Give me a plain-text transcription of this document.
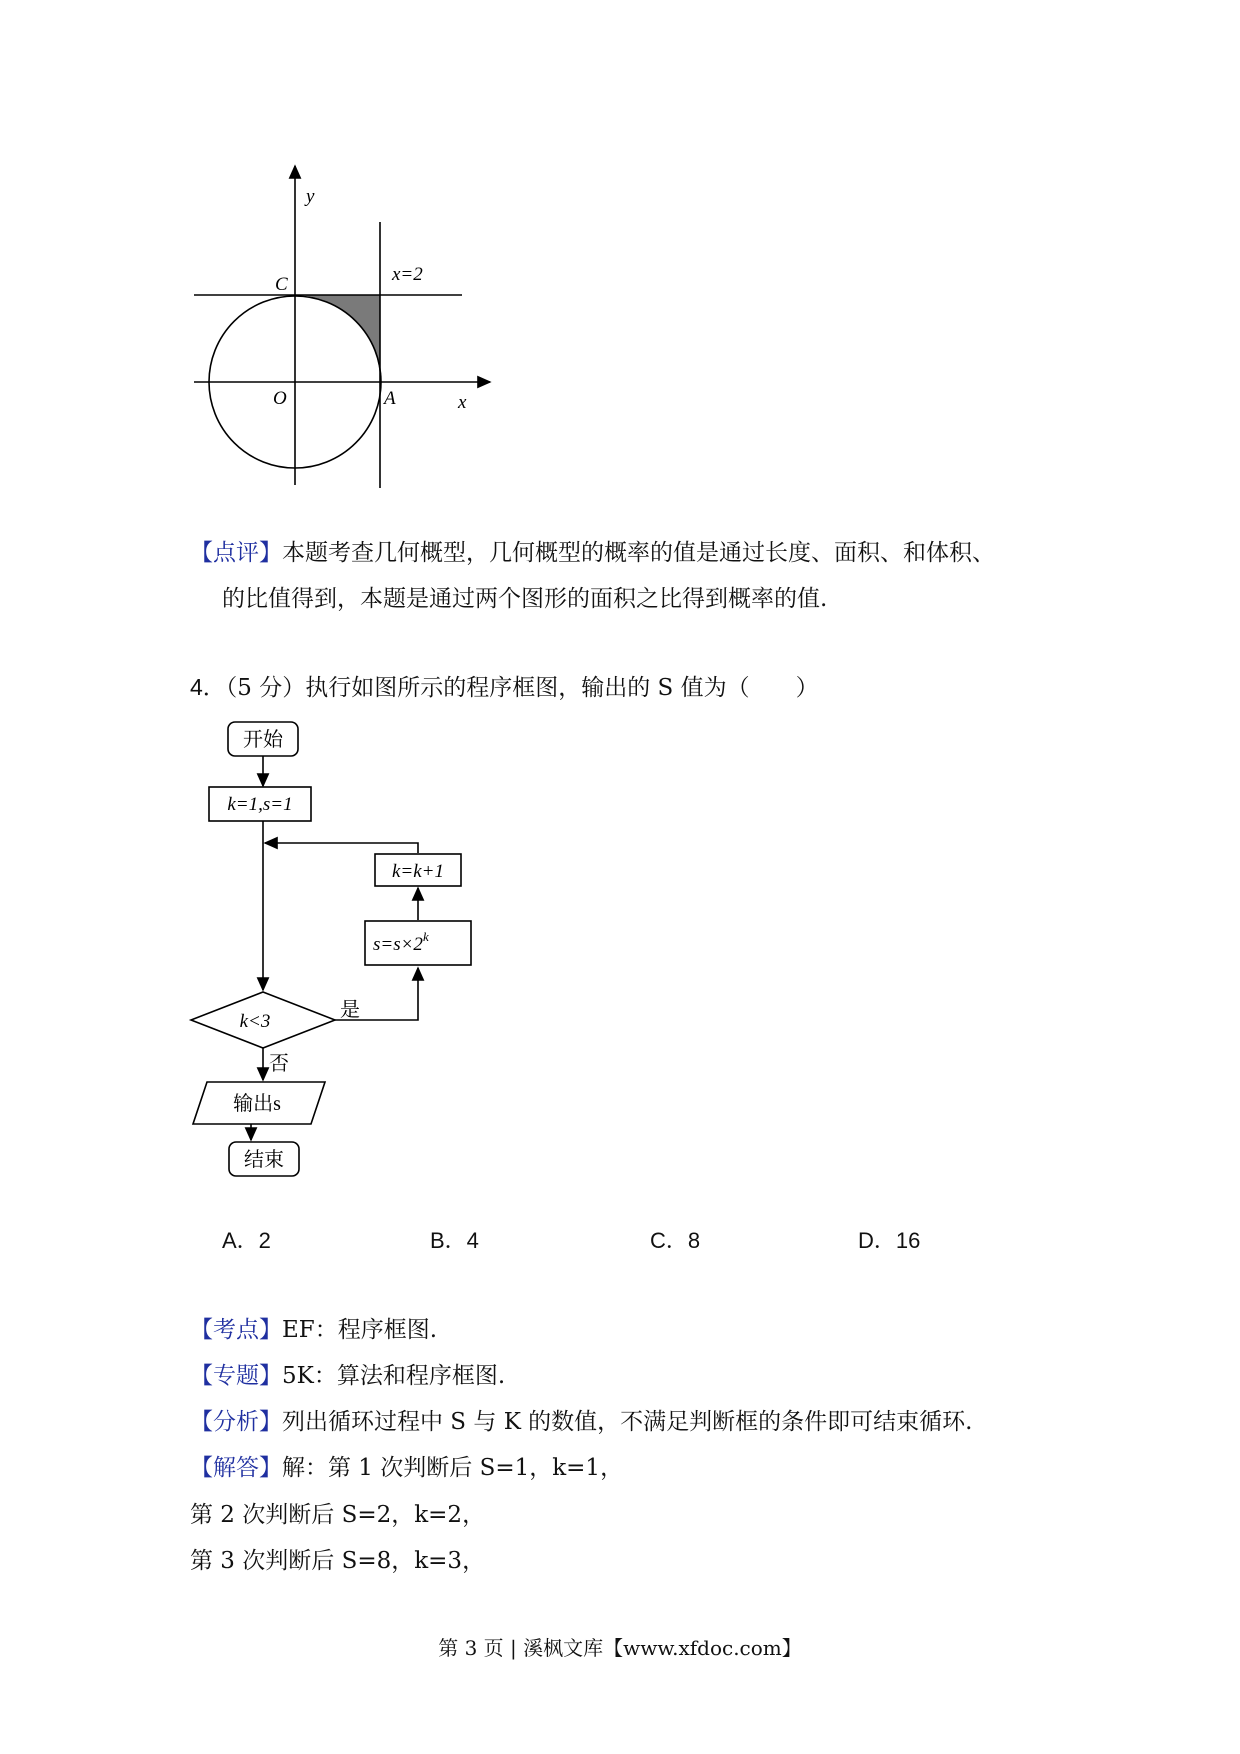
y
x=2
C
O	A	x
【点评】本题考查几何概型，几何概型的概率的值是通过长度、面积、和体积、
的比值得到，本题是通过两个图形的面积之比得到概率的值.
4．（5 分）执行如图所示的程序框图，输出的 S 值为（　　）
开始
k=1,s=1
k=k+1
$s=s\times 2^k$
k<3
是
否
输出s
结束
A．2	B．4	C．8	D．16
【考点】EF：程序框图.
【专题】5K：算法和程序框图.
【分析】列出循环过程中 S 与 K 的数值，不满足判断框的条件即可结束循环.
【解答】解：第 1 次判断后 S=1，k=1，
第 2 次判断后 S=2，k=2，
第 3 次判断后 S=8，k=3，
第 3 页 | 溪枫文库【www.xfdoc.com】
